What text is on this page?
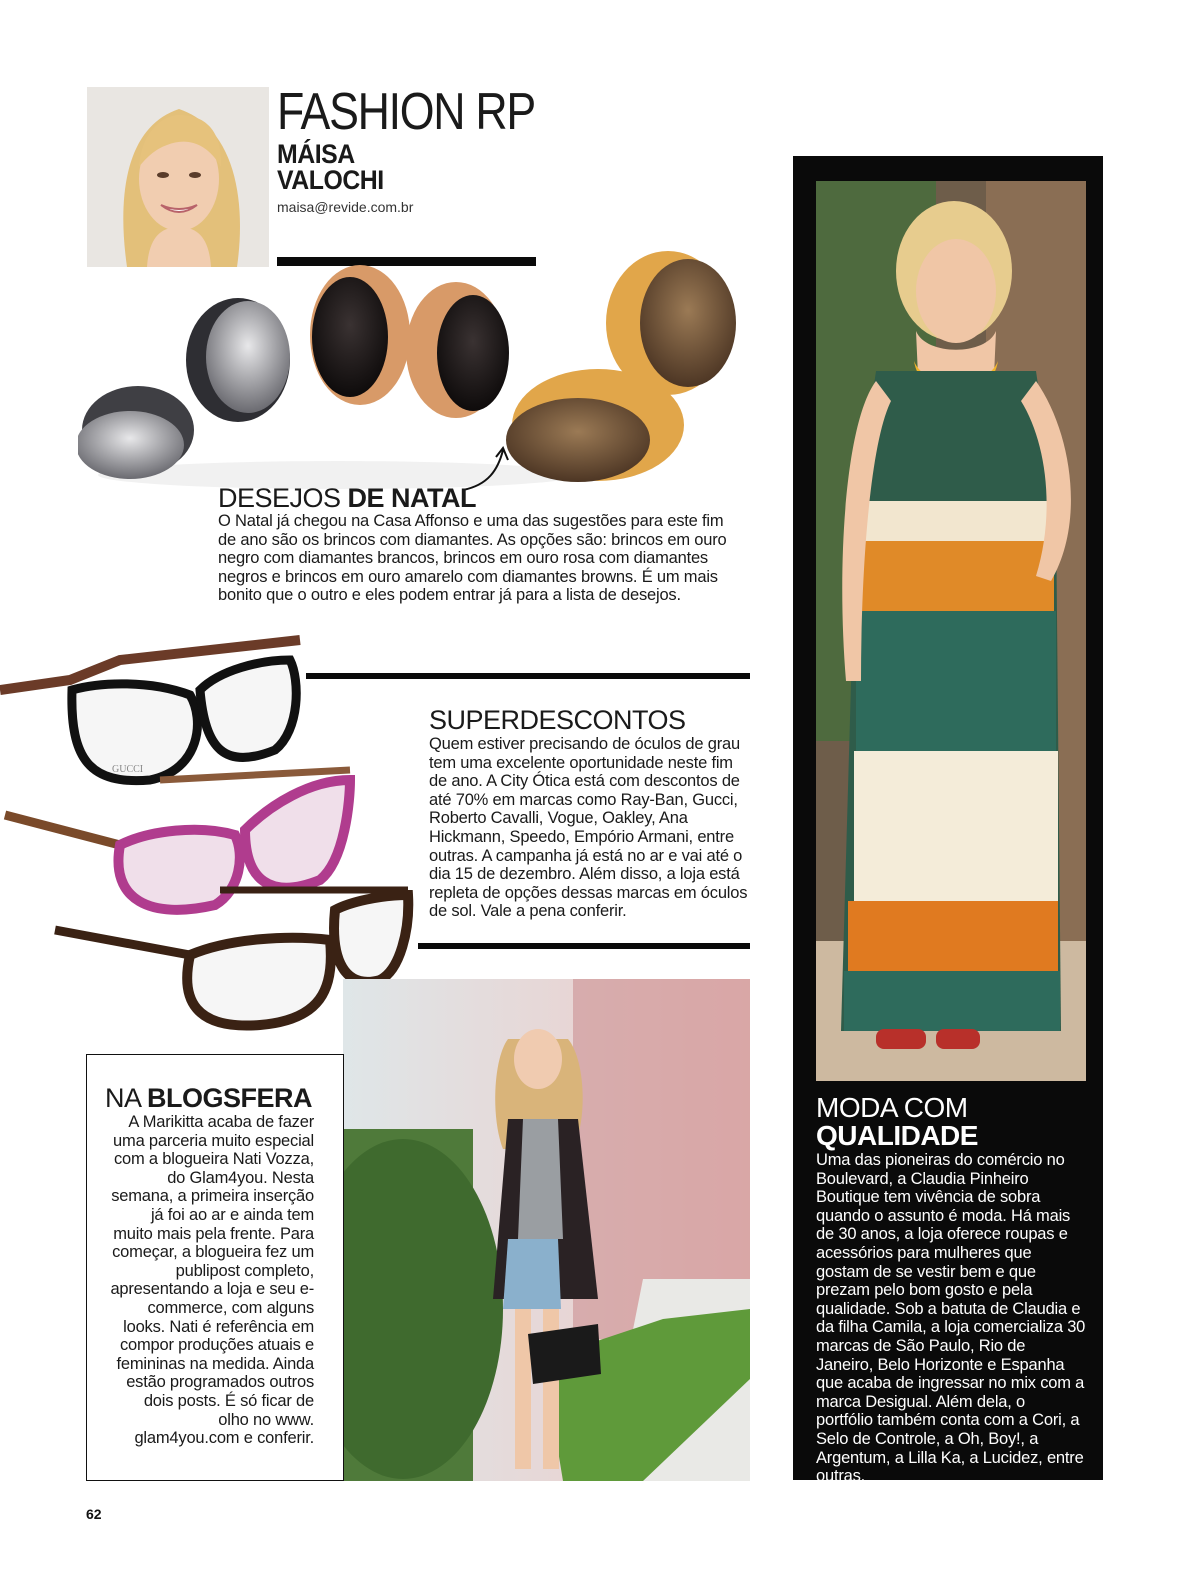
FASHION RP
MÁISA
VALOCHI
maisa@revide.com.br
DESEJOS DE NATAL

O Natal já chegou na Casa Affonso e uma das sugestões para este fim de ano são os brincos com diamantes. As opções são: brincos em ouro negro com diamantes brancos, brincos em ouro rosa com diamantes negros e brincos em ouro amarelo com diamantes browns. É um mais bonito que o outro e eles podem entrar já para a lista de desejos.

GUCCI
SUPERDESCONTOS

Quem estiver precisando de óculos de grau tem uma excelente oportunidade neste fim de ano. A City Ótica está com descontos de até 70% em marcas como Ray-Ban, Gucci, Roberto Cavalli, Vogue, Oakley, Ana Hickmann, Speedo, Empório Armani, entre outras. A campanha já está no ar e vai até o dia 15 de dezembro. Além disso, a loja está repleta de opções dessas marcas em óculos de sol. Vale a pena conferir.

NA BLOGSFERA

A Marikitta acaba de fazer uma parceria muito especial com a blogueira Nati Vozza, do Glam4you. Nesta semana, a primeira inserção já foi ao ar e ainda tem muito mais pela frente. Para começar, a blogueira fez um publipost completo, apresentando a loja e seu e-commerce, com alguns looks. Nati é referência em compor produções atuais e femininas na medida. Ainda estão programados outros dois posts. É só ficar de olho no www. glam4you.com e conferir.

MODA COM
QUALIDADE

Uma das pioneiras do comércio no Boulevard, a Claudia Pinheiro Boutique tem vivência de sobra quando o assunto é moda. Há mais de 30 anos, a loja oferece roupas e acessórios para mulheres que gostam de se vestir bem e que prezam pelo bom gosto e pela qualidade. Sob a batuta de Claudia e da filha Camila, a loja comercializa 30 marcas de São Paulo, Rio de Janeiro, Belo Horizonte e Espanha que acaba de ingressar no mix com a marca Desigual. Além dela, o portfólio também conta com a Cori, a Selo de Controle, a Oh, Boy!, a Argentum, a Lilla Ka, a Lucidez, entre outras.

62
